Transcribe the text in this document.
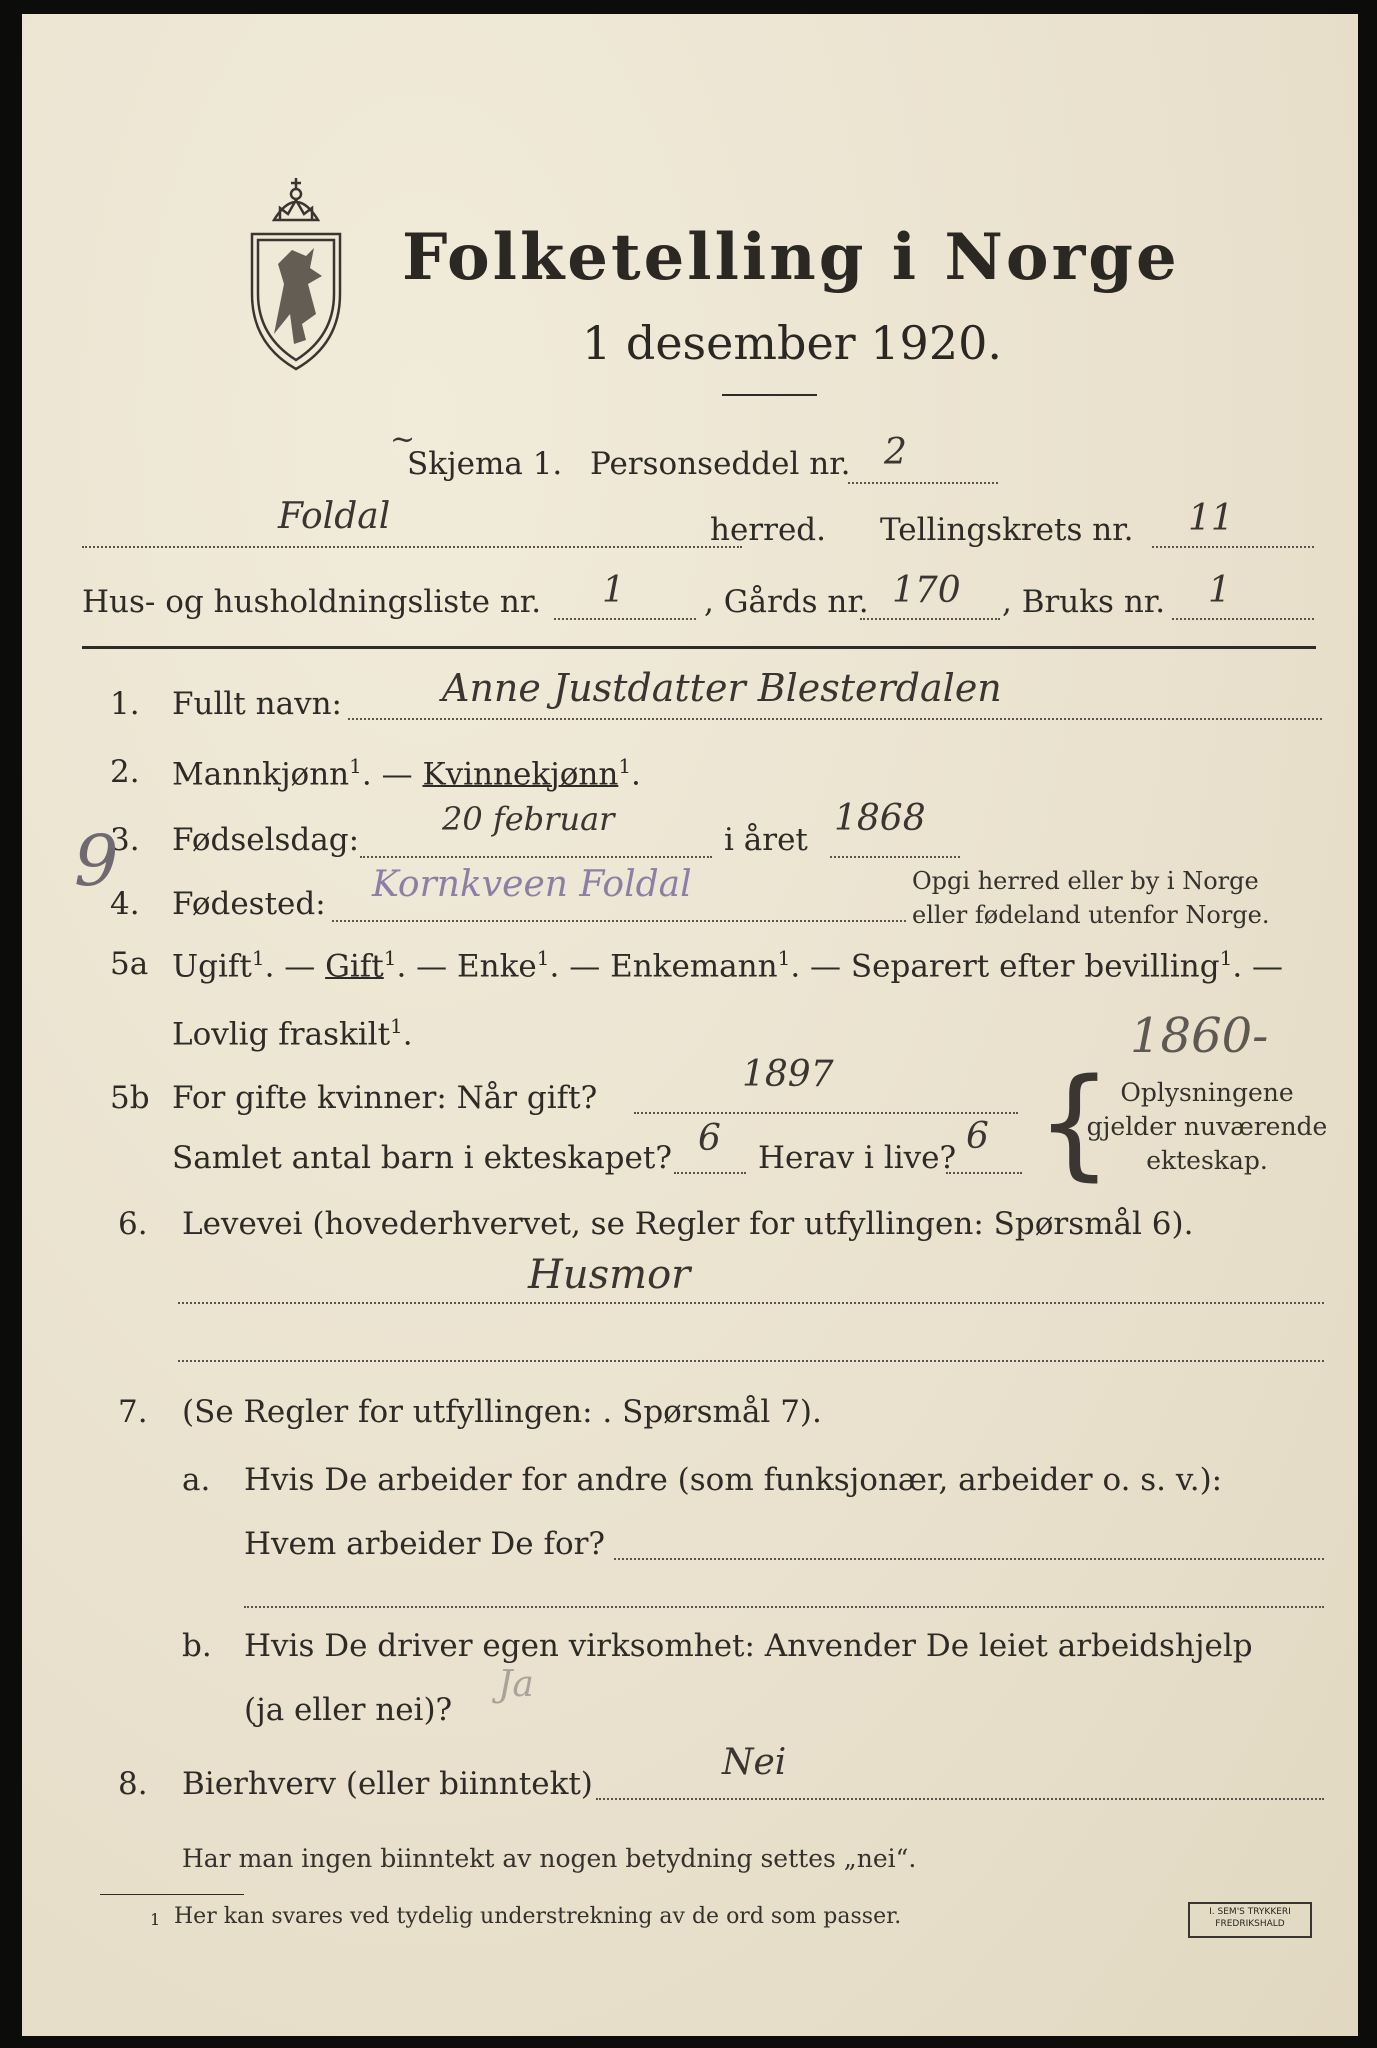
Folketelling i Norge
1 desember 1920.
~
Skjema 1. Personseddel nr. 2
Foldal	herred. Tellingskrets nr. 11
Hus- og husholdningsliste nr. 1	, Gårds nr. 170 , Bruks nr. 1
1. Fullt navn:	Anne Justdatter Blesterdalen
2. Mannkjønn$^1$. — Kvinnekjønn$^1$.
3. Fødselsdag:
20 februar
i året
1868
9
4. Fødested: Kornkveen Foldal	Opgi herred eller by i Norge
eller fødeland utenfor Norge.
5a Ugift$^1$. — Gift$^1$. — Enke$^1$. — Enkemann$^1$. — Separert efter bevilling$^1$. —
Lovlig fraskilt$^1$.	1860-
5b For gifte kvinner: Når gift?
1897
Samlet antal barn i ekteskapet? 6 Herav i live?
6 { Oplysningene
gjelder nuværende
ekteskap.
6. Levevei (hovederhvervet, se Regler for utfyllingen: Spørsmål 6).
Husmor
7. (Se Regler for utfyllingen: . Spørsmål 7).
a. Hvis De arbeider for andre (som funksjonær, arbeider o. s. v.):
Hvem arbeider De for?
b. Hvis De driver egen virksomhet: Anvender De leiet arbeidshjelp
(ja eller nei)?
Ja
8. Bierhverv (eller biinntekt)
Nei
Har man ingen biinntekt av nogen betydning settes „nei“.
1 Her kan svares ved tydelig understrekning av de ord som passer.	I. SEM'S TRYKKERI
FREDRIKSHALD
